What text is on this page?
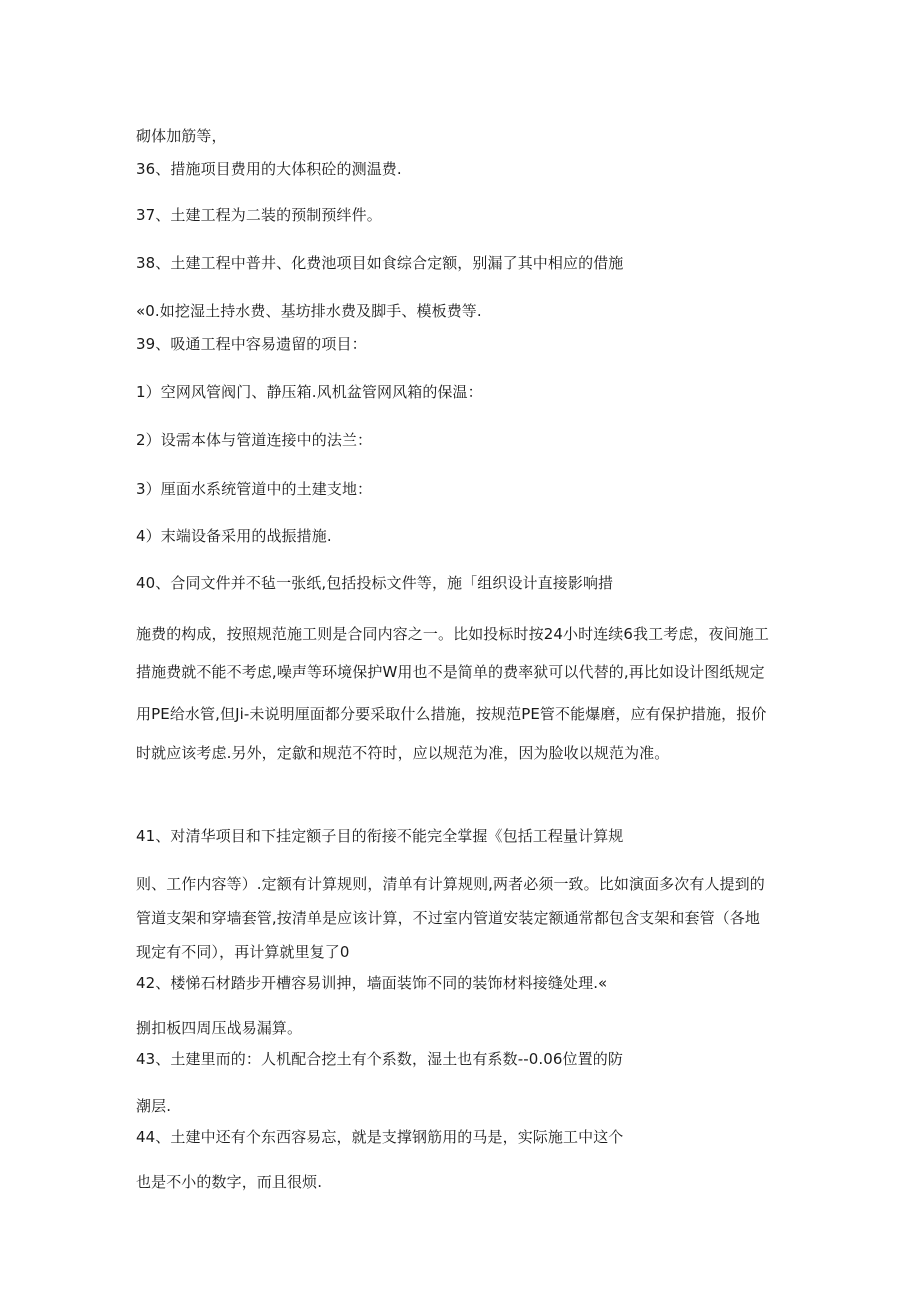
砌体加筋等，
36、措施项目费用的大体积砼的测温费.
37、土建工程为二装的预制预绊件。
38、土建工程中普井、化费池项目如食综合定额，别漏了其中相应的借施
«0.如挖湿土持水费、基坊排水费及脚手、模板费等.
39、吸通工程中容易遗留的项目：
1）空网风管阀门、静压箱.风机盆管网风箱的保温：
2）设需本体与管道连接中的法兰：
3）厘面水系统管道中的土建支地：
4）末端设备采用的战振措施.
40、合同文件并不毡一张纸,包括投标文件等，施「组织设计直接影响措
施费的构成，按照规范施工则是合同内容之一。比如投标时按24小时连续6我工考虑，夜间施工
措施费就不能不考虑,噪声等环境保护W用也不是简单的费率狱可以代替的,再比如设计图纸规定
用PE给水管,但Ji-未说明厘面都分要采取什么措施，按规范PE管不能爆磨，应有保护措施，报价
时就应该考虑.另外，定歙和规范不符时，应以规范为准，因为脸收以规范为准。
41、对清华项目和下挂定额子目的衔接不能完全掌握《包括工程量计算规
则、工作内容等）.定额有计算规则，清单有计算规则,两者必须一致。比如演面多次有人提到的
管道支架和穿墙套管,按清单是应该计算，不过室内管道安装定额通常都包含支架和套管（各地
现定有不同），再计算就里复了0
42、楼悌石材踏步开槽容易训抻，墙面装饰不同的装饰材料接缝处理.«
捌扣板四周压战易漏算。
43、土建里而的：人机配合挖土有个系数，湿土也有系数--0.06位置的防
潮层.
44、土建中还有个东西容易忘，就是支撑钢筋用的马是，实际施工中这个
也是不小的数字，而且很烦.
